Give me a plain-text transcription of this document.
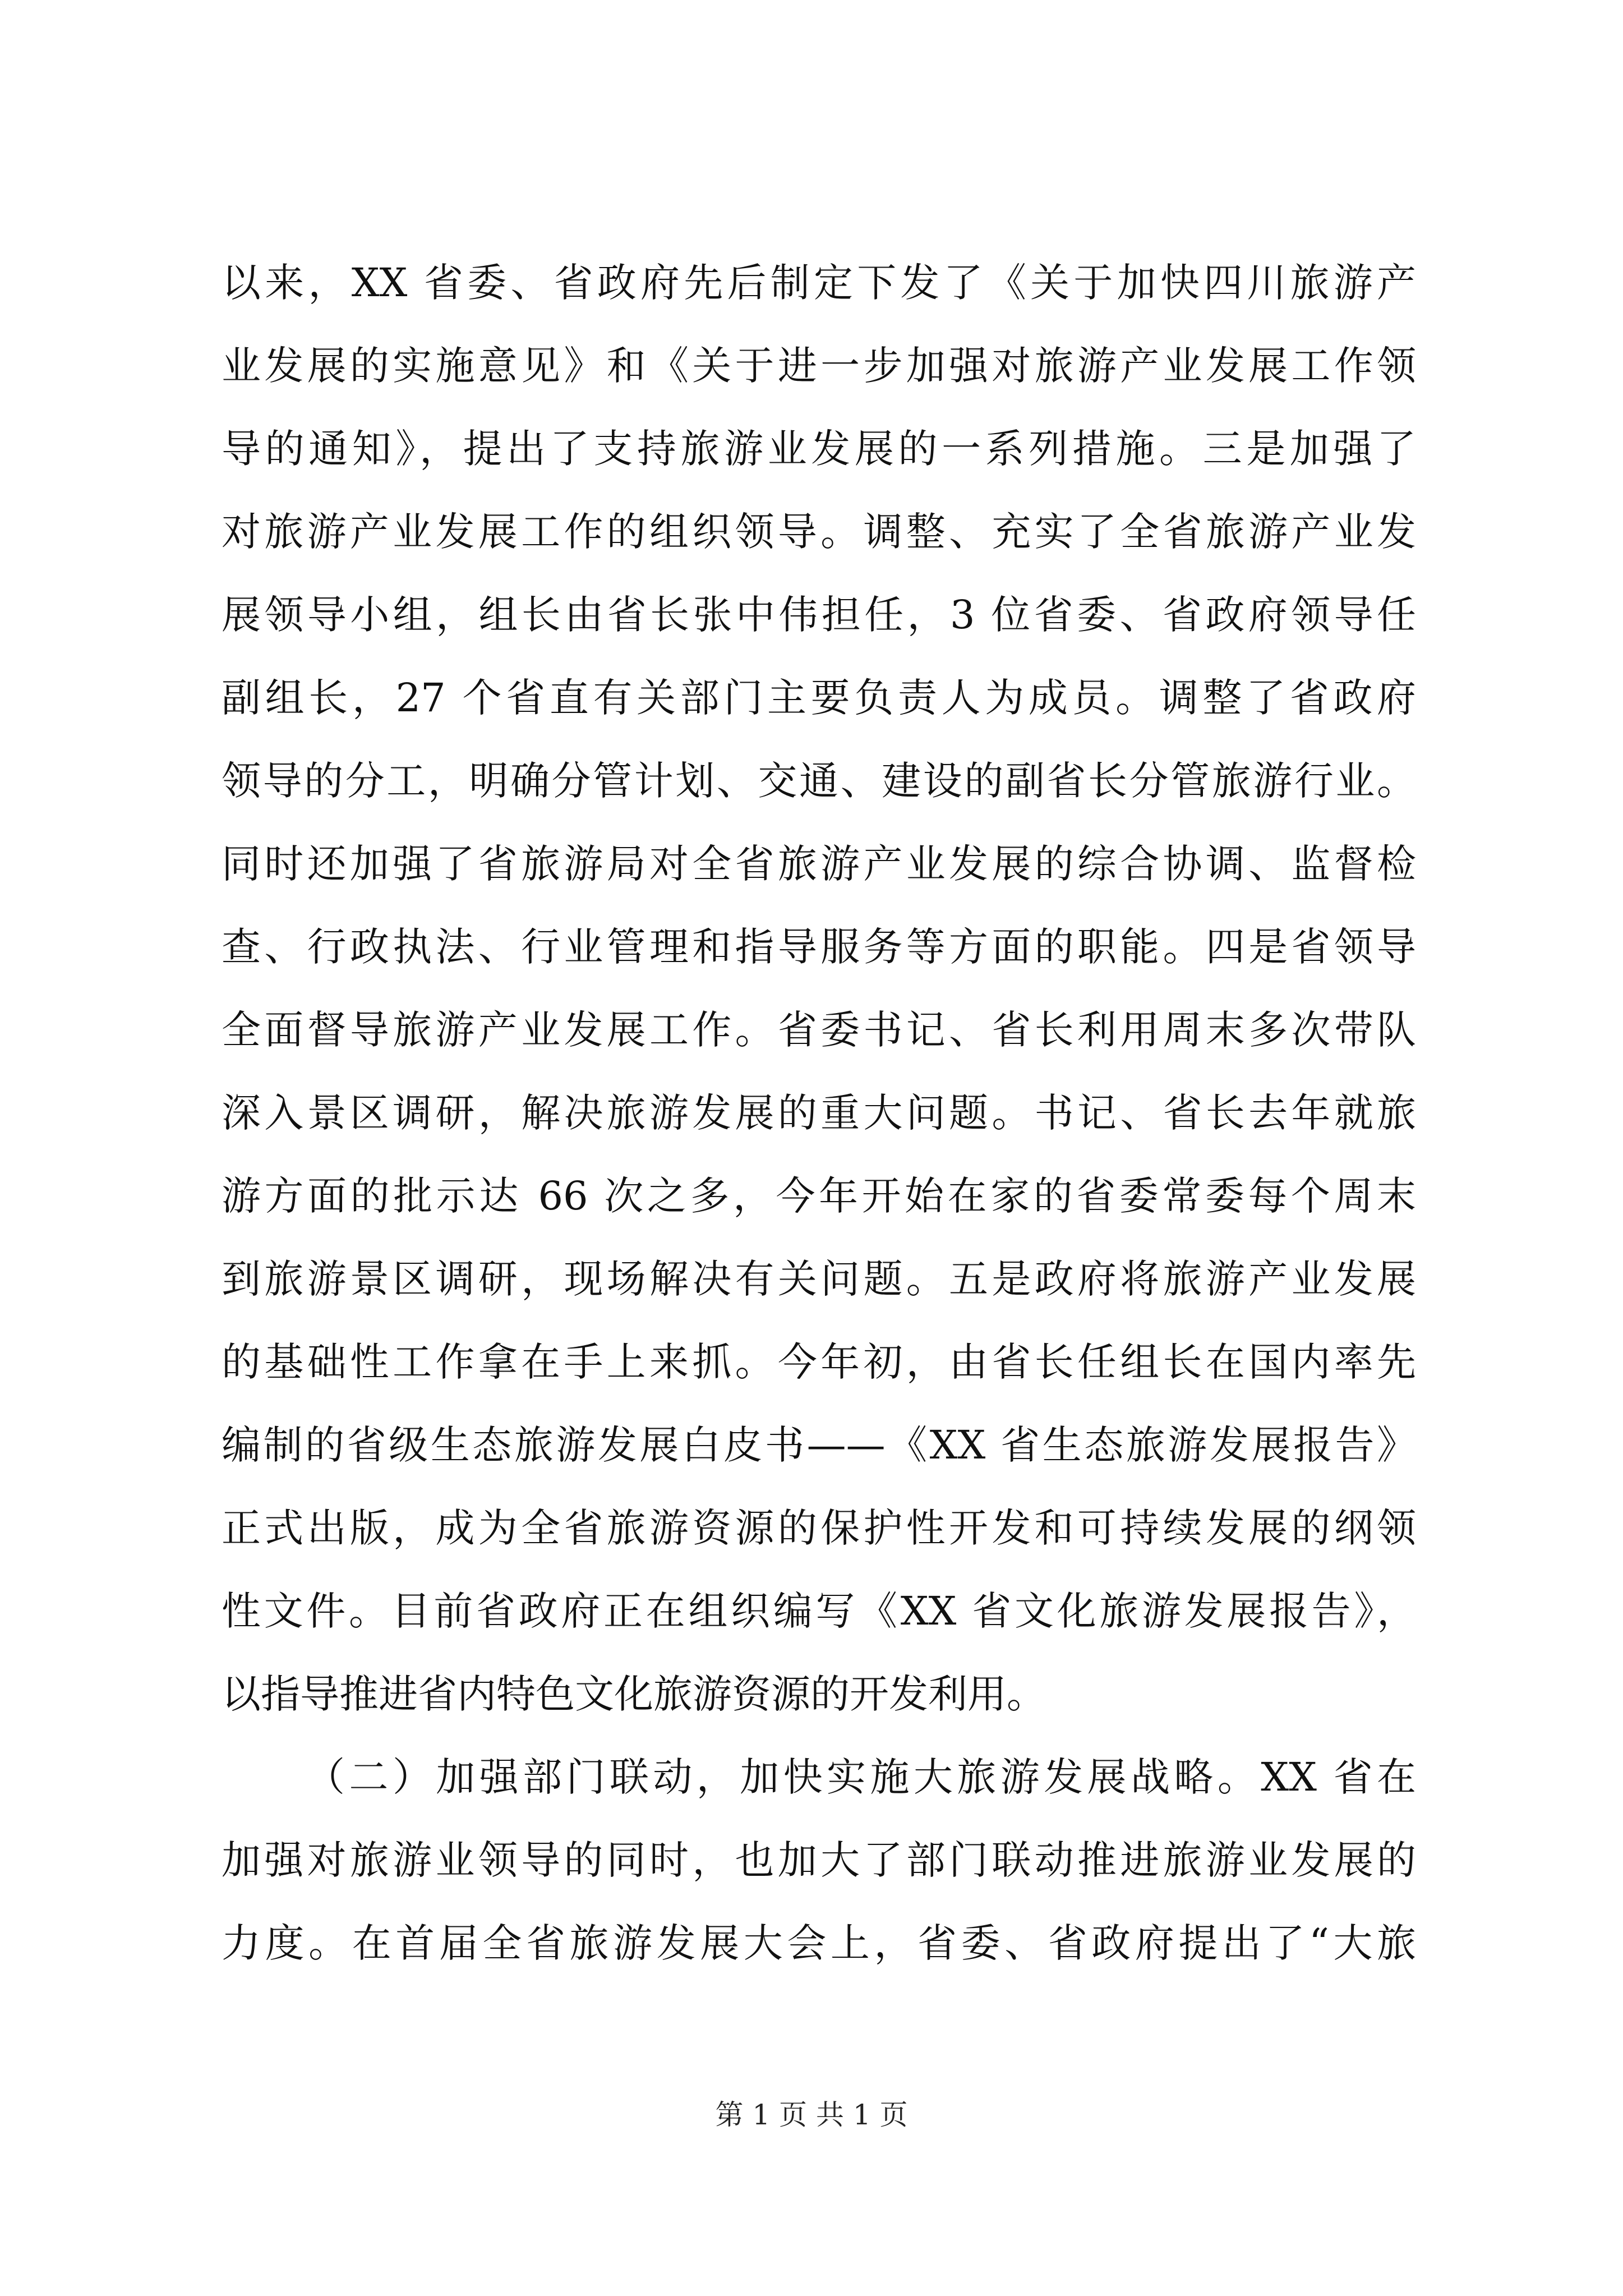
以来，XX 省委、省政府先后制定下发了《关于加快四川旅游产
业发展的实施意见》和《关于进一步加强对旅游产业发展工作领
导的通知》，提出了支持旅游业发展的一系列措施。三是加强了
对旅游产业发展工作的组织领导。调整、充实了全省旅游产业发
展领导小组，组长由省长张中伟担任，3 位省委、省政府领导任
副组长，27 个省直有关部门主要负责人为成员。调整了省政府
领导的分工，明确分管计划、交通、建设的副省长分管旅游行业。
同时还加强了省旅游局对全省旅游产业发展的综合协调、监督检
查、行政执法、行业管理和指导服务等方面的职能。四是省领导
全面督导旅游产业发展工作。省委书记、省长利用周末多次带队
深入景区调研，解决旅游发展的重大问题。书记、省长去年就旅
游方面的批示达 66 次之多，今年开始在家的省委常委每个周末
到旅游景区调研，现场解决有关问题。五是政府将旅游产业发展
的基础性工作拿在手上来抓。今年初，由省长任组长在国内率先
编制的省级生态旅游发展白皮书——《XX 省生态旅游发展报告》
正式出版，成为全省旅游资源的保护性开发和可持续发展的纲领
性文件。目前省政府正在组织编写《XX 省文化旅游发展报告》，
以指导推进省内特色文化旅游资源的开发利用。
（二）加强部门联动，加快实施大旅游发展战略。XX 省在
加强对旅游业领导的同时，也加大了部门联动推进旅游业发展的
力度。在首届全省旅游发展大会上，省委、省政府提出了“大旅
第 1 页 共 1 页
